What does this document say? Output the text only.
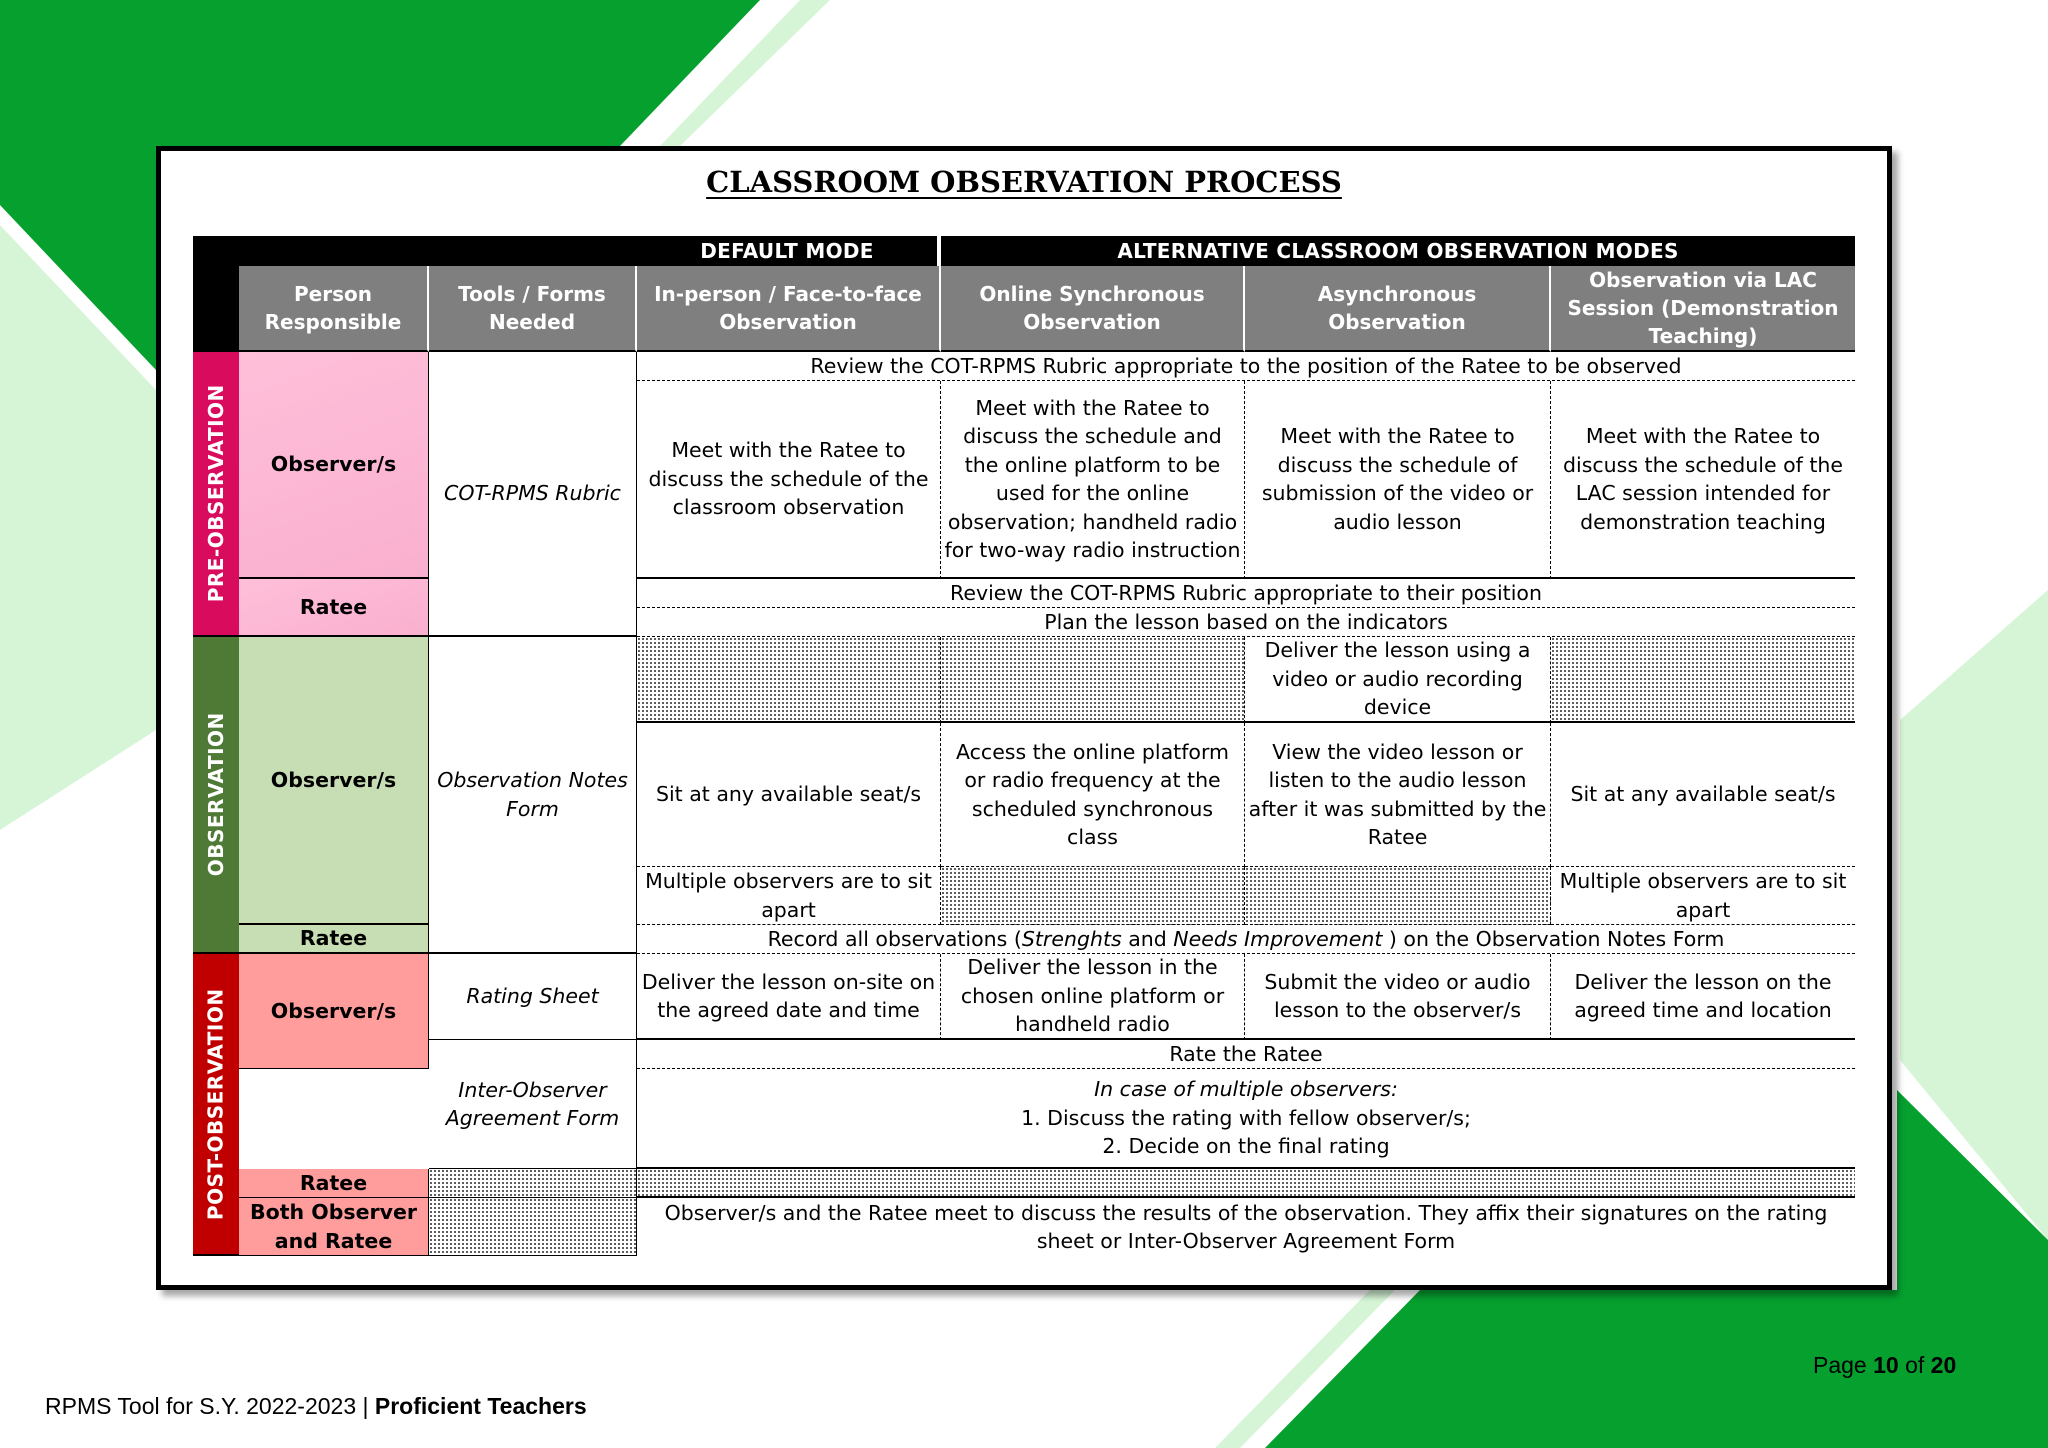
CLASSROOM OBSERVATION PROCESS
DEFAULT MODE	ALTERNATIVE CLASSROOM OBSERVATION MODES
Person Responsible
Tools / Forms Needed
In-person / Face-to-face Observation
Online Synchronous Observation
Asynchronous Observation
Observation via LAC Session (Demonstration Teaching)
PRE-OBSERVATION
OBSERVATION
POST-OBSERVATION
Observer/s
Ratee
Observer/s
Ratee
Observer/s
Ratee
Both Observer and Ratee
COT-RPMS Rubric
Observation Notes Form
Rating Sheet
Inter-Observer Agreement Form
Review the COT-RPMS Rubric appropriate to the position of the Ratee to be observed
Meet with the Ratee to discuss the schedule of the classroom observation
Meet with the Ratee to discuss the schedule and the online platform to be used for the online observation; handheld radio for two-way radio instruction
Meet with the Ratee to discuss the schedule of submission of the video or audio lesson
Meet with the Ratee to discuss the schedule of the LAC session intended for demonstration teaching
Review the COT-RPMS Rubric appropriate to their position
Plan the lesson based on the indicators
Deliver the lesson using a video or audio recording device
Sit at any available seat/s
Access the online platform or radio frequency at the scheduled synchronous class
View the video lesson or listen to the audio lesson after it was submitted by the Ratee
Sit at any available seat/s
Multiple observers are to sit apart
Multiple observers are to sit apart
Record all observations (Strenghts and Needs Improvement ) on the Observation Notes Form
Deliver the lesson on-site on the agreed date and time
Deliver the lesson in the chosen online platform or handheld radio
Submit the video or audio lesson to the observer/s
Deliver the lesson on the agreed time and location
Rate the Ratee
In case of multiple observers:
1. Discuss the rating with fellow observer/s;
2. Decide on the final rating
Observer/s and the Ratee meet to discuss the results of the observation. They affix their signatures on the rating sheet or Inter-Observer Agreement Form
RPMS Tool for S.Y. 2022-2023 | Proficient Teachers
Page 10 of 20
